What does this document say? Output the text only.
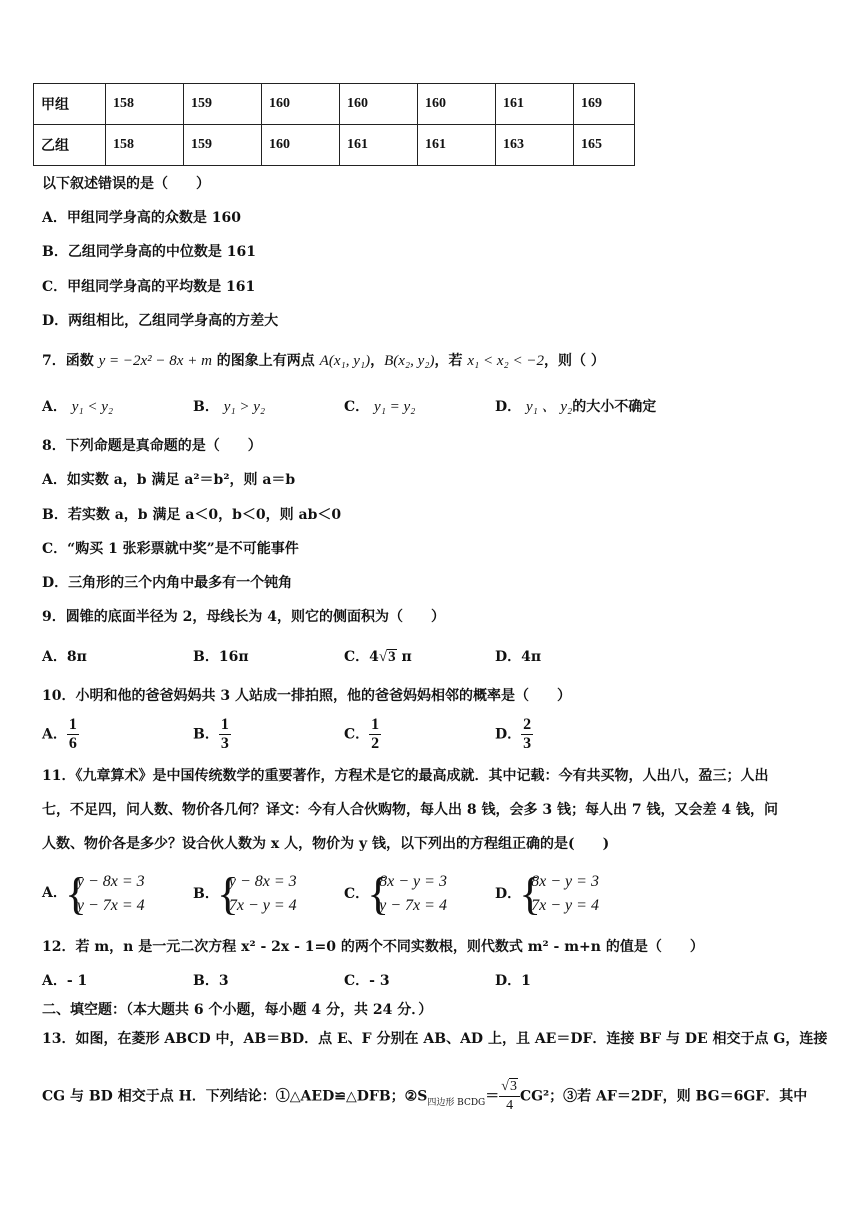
甲组	158	159	160	160	160	161	169
乙组	158	159	160	161	161	163	165
以下叙述错误的是（　　）
A．甲组同学身高的众数是 160
B．乙组同学身高的中位数是 161
C．甲组同学身高的平均数是 161
D．两组相比，乙组同学身高的方差大
7．函数 y = −2x² − 8x + m 的图象上有两点 A(x₁, y₁)，B(x₂, y₂)，若 x₁ < x₂ < −2，则（ ）
A． y₁ < y₂	B． y₁ > y₂	C． y₁ = y₂	D． y₁ 、 y₂的大小不确定
8．下列命题是真命题的是（　　）
A．如实数 a，b 满足 a²＝b²，则 a＝b
B．若实数 a，b 满足 a＜0，b＜0，则 ab＜0
C．“购买 1 张彩票就中奖”是不可能事件
D．三角形的三个内角中最多有一个钝角
9．圆锥的底面半径为 2，母线长为 4，则它的侧面积为（　　）
A．8π	B．16π	C．4√3 π	D．4π
10．小明和他的爸爸妈妈共 3 人站成一排拍照，他的爸爸妈妈相邻的概率是（　　）
A． $\frac{1}{6}$	B． $\frac{1}{3}$	C． $\frac{1}{2}$	D． $\frac{2}{3}$
11．《九章算术》是中国传统数学的重要著作，方程术是它的最高成就．其中记载：今有共买物，人出八，盈三；人出
七，不足四，问人数、物价各几何？译文：今有人合伙购物，每人出 8 钱，会多 3 钱；每人出 7 钱，又会差 4 钱，问
人数、物价各是多少？设合伙人数为 x 人，物价为 y 钱，以下列出的方程组正确的是(　　)
A．
{
y − 8x = 3
y − 7x = 4
B．
{
y − 8x = 3
7x − y = 4
C．
{
8x − y = 3
y − 7x = 4
D．
{
8x − y = 3
7x − y = 4
12．若 m，n 是一元二次方程 x² - 2x - 1=0 的两个不同实数根，则代数式 m² - m+n 的值是（　　）
A．- 1	B．3	C．- 3	D．1
二、填空题：（本大题共 6 个小题，每小题 4 分，共 24 分．）
13．如图，在菱形 ABCD 中，AB＝BD．点 E、F 分别在 AB、AD 上，且 AE＝DF．连接 BF 与 DE 相交于点 G，连接
CG 与 BD 相交于点 H．下列结论：①△AED≌△DFB；$②S_{四边形 BCDG}= \frac{√3}{4} CG^2$；③若 AF＝2DF，则 BG＝6GF．其中
